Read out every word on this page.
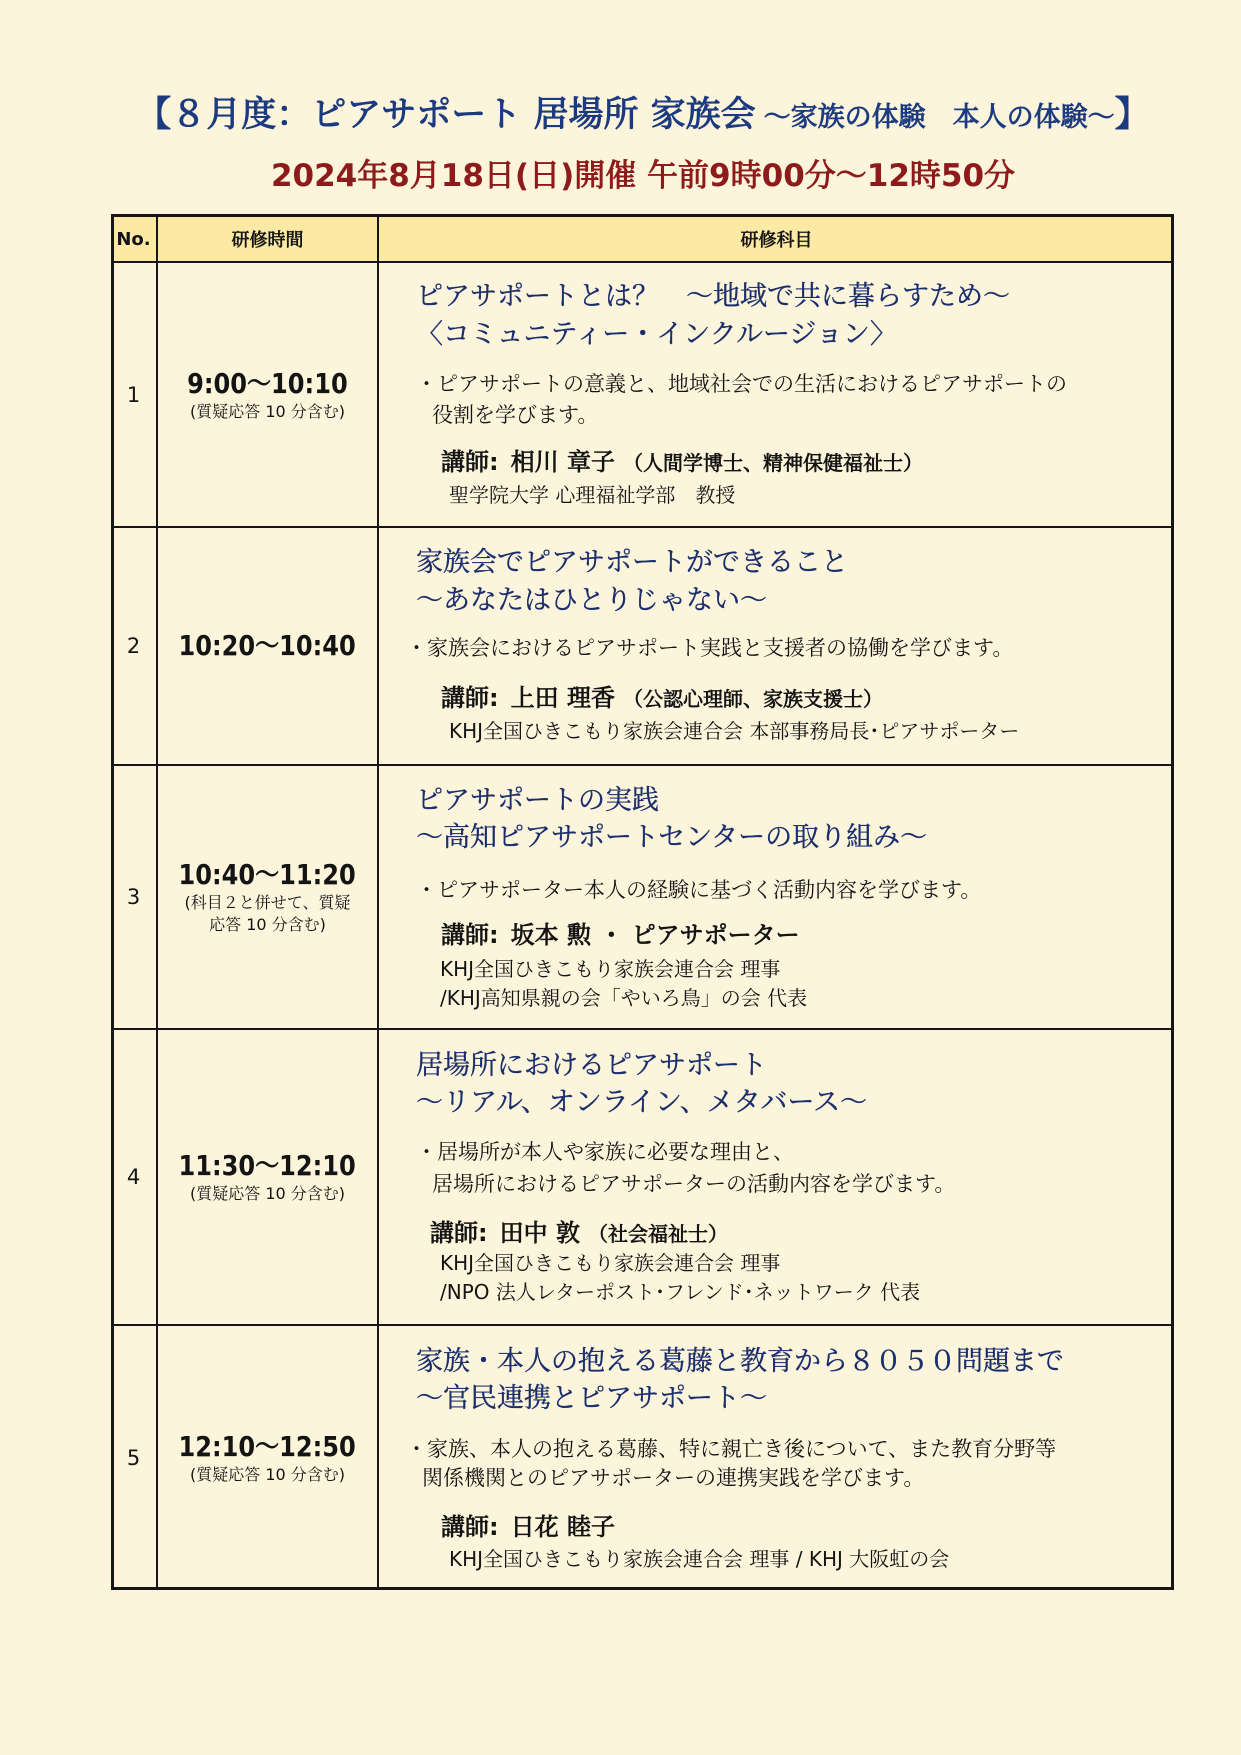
【８月度：ピアサポート 居場所 家族会 ～家族の体験　本人の体験～】
2024年8月18日(日)開催 午前9時00分～12時50分
No.	研修時間	研修科目
1 9:00～10:10
(質疑応答 10 分含む)
ピアサポートとは？　～地域で共に暮らすため～
〈コミュニティー・インクルージョン〉
・ピアサポートの意義と、地域社会での生活におけるピアサポートの
役割を学びます。
講師: 相川 章子 （人間学博士、精神保健福祉士）
聖学院大学 心理福祉学部　教授
2 10:20～10:40
家族会でピアサポートができること
～あなたはひとりじゃない～
・家族会におけるピアサポート実践と支援者の協働を学びます。
講師: 上田 理香 （公認心理師、家族支援士）
KHJ全国ひきこもり家族会連合会 本部事務局長･ピアサポーター
3
10:40～11:20
(科目２と併せて、質疑
応答 10 分含む)
ピアサポートの実践
～高知ピアサポートセンターの取り組み～
・ピアサポーター本人の経験に基づく活動内容を学びます。
講師: 坂本 勲 ・ ピアサポーター
KHJ全国ひきこもり家族会連合会 理事
/KHJ高知県親の会「やいろ鳥」の会 代表
4 11:30～12:10
(質疑応答 10 分含む)
居場所におけるピアサポート
～リアル、オンライン、メタバース～
・居場所が本人や家族に必要な理由と、
居場所におけるピアサポーターの活動内容を学びます。
講師: 田中 敦 （社会福祉士）
KHJ全国ひきこもり家族会連合会 理事
/NPO 法人レターポスト･フレンド･ネットワーク 代表
5 12:10～12:50
(質疑応答 10 分含む)
家族・本人の抱える葛藤と教育から８０５０問題まで
～官民連携とピアサポート～
・家族、本人の抱える葛藤、特に親亡き後について、また教育分野等
関係機関とのピアサポーターの連携実践を学びます。
講師: 日花 睦子
KHJ全国ひきこもり家族会連合会 理事 / KHJ 大阪虹の会
